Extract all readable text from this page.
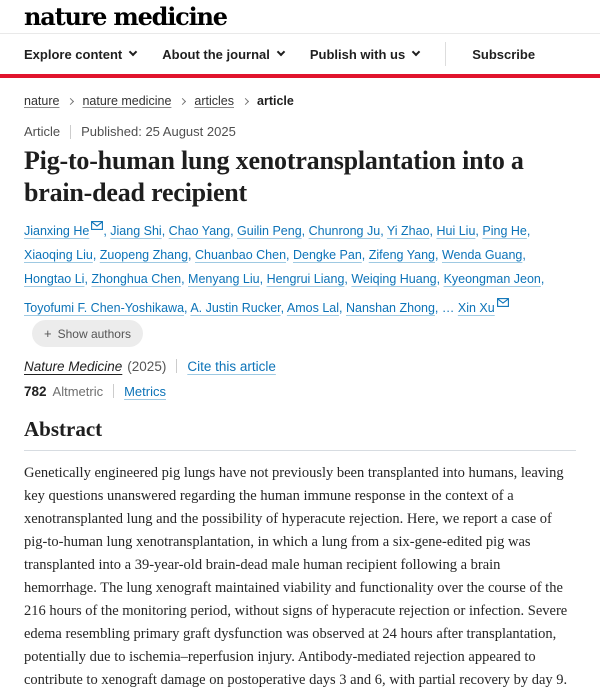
nature medicine
Explore content	About the journal	Publish with us	Subscribe
nature nature medicine articles article
Article Published: 25 August 2025
Pig-to-human lung xenotransplantation into a brain-dead recipient

Jianxing He , Jiang Shi, Chao Yang, Guilin Peng, Chunrong Ju, Yi Zhao, Hui Liu, Ping He, Xiaoqing Liu, Zuopeng Zhang, Chuanbao Chen, Dengke Pan, Zifeng Yang, Wenda Guang, Hongtao Li, Zhonghua Chen, Menyang Liu, Hengrui Liang, Weiqing Huang, Kyeongman Jeon, Toyofumi F. Chen-Yoshikawa, A. Justin Rucker, Amos Lal, Nanshan Zhong, … Xin Xu + Show authors

Nature Medicine (2025) Cite this article

782 Altmetric Metrics

Abstract

Genetically engineered pig lungs have not previously been transplanted into humans, leaving key questions unanswered regarding the human immune response in the context of a xenotransplanted lung and the possibility of hyperacute rejection. Here, we report a case of pig-to-human lung xenotransplantation, in which a lung from a six-gene-edited pig was transplanted into a 39-year-old brain-dead male human recipient following a brain hemorrhage. The lung xenograft maintained viability and functionality over the course of the 216 hours of the monitoring period, without signs of hyperacute rejection or infection. Severe edema resembling primary graft dysfunction was observed at 24 hours after transplantation, potentially due to ischemia–reperfusion injury. Antibody-mediated rejection appeared to contribute to xenograft damage on postoperative days 3 and 6, with partial recovery by day 9.
